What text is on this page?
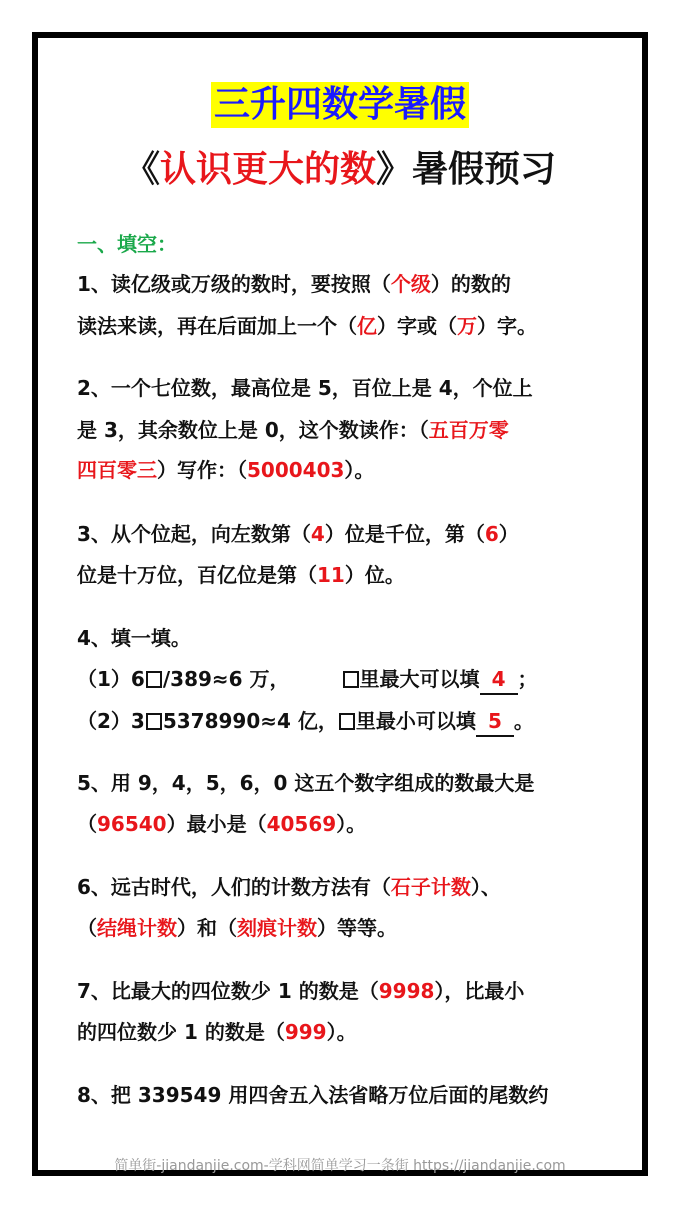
三升四数学暑假
《认识更大的数》暑假预习
一、填空：
1、读亿级或万级的数时，要按照（个级）的数的
读法来读，再在后面加上一个（亿）字或（万）字。
2、一个七位数，最高位是 5，百位上是 4，个位上
是 3，其余数位上是 0，这个数读作：（五百万零
四百零三）写作：（5000403）。
3、从个位起，向左数第（4）位是千位，第（6）
位是十万位，百亿位是第（11）位。
4、填一填。
（1）6 /389≈6 万，	里最大可以填 4 ；
（2）3 5378990≈4 亿， 里最小可以填 5 。
5、用 9，4，5，6，0 这五个数字组成的数最大是
（96540）最小是（40569）。
6、远古时代，人们的计数方法有（石子计数）、
（结绳计数）和（刻痕计数）等等。
7、比最大的四位数少 1 的数是（9998），比最小
的四位数少 1 的数是（999）。
8、把 339549 用四舍五入法省略万位后面的尾数约
简单街-jiandanjie.com-学科网简单学习一条街 https://jiandanjie.com
